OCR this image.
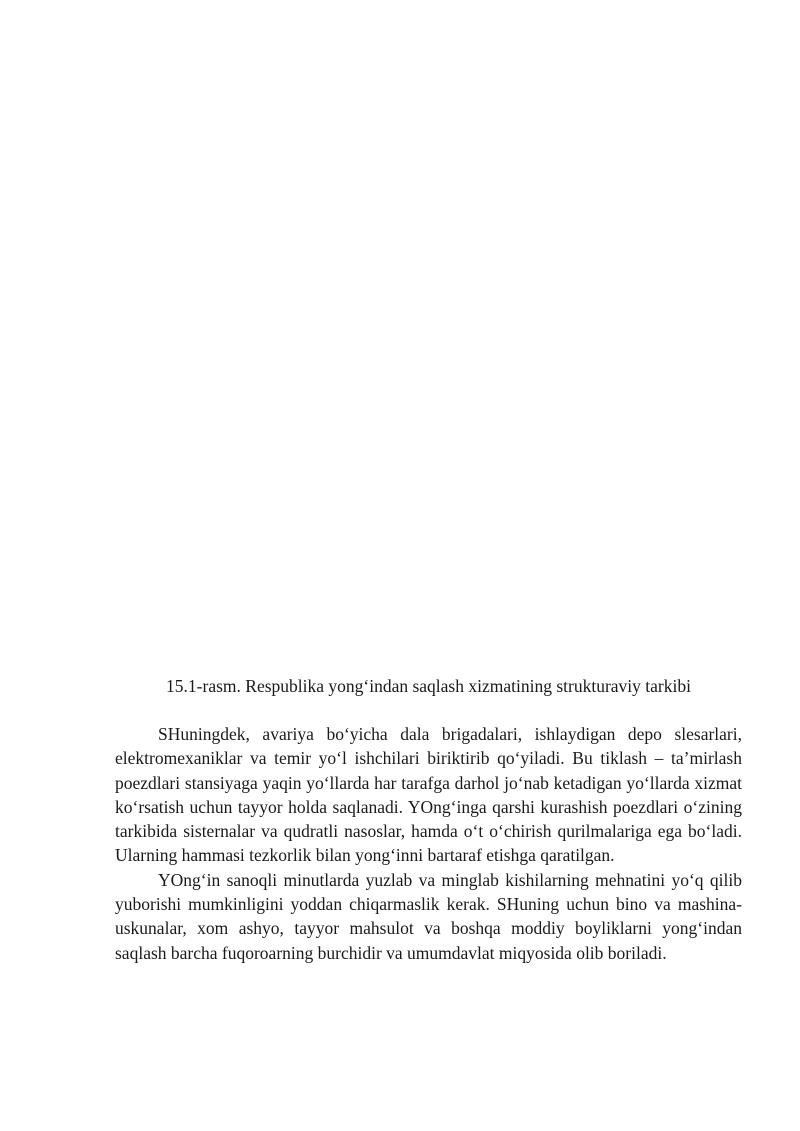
15.1-rasm. Respublika yong‘indan saqlash xizmatining strukturaviy tarkibi

SHuningdek, avariya bo‘yicha dala brigadalari, ishlaydigan depo slesarlari, elektromexaniklar va temir yo‘l ishchilari biriktirib qo‘yiladi. Bu tiklash – ta’mirlash poezdlari stansiyaga yaqin yo‘llarda har tarafga darhol jo‘nab ketadigan yo‘llarda xizmat ko‘rsatish uchun tayyor holda saqlanadi. YOng‘inga qarshi kurashish poezdlari o‘zining tarkibida sisternalar va qudratli nasoslar, hamda o‘t o‘chirish qurilmalariga ega bo‘ladi. Ularning hammasi tezkorlik bilan yong‘inni bartaraf etishga qaratilgan.

YOng‘in sanoqli minutlarda yuzlab va minglab kishilarning mehnatini yo‘q qilib yuborishi mumkinligini yoddan chiqarmaslik kerak. SHuning uchun bino va mashina-uskunalar, xom ashyo, tayyor mahsulot va boshqa moddiy boyliklarni yong‘indan saqlash barcha fuqoroarning burchidir va umumdavlat miqyosida olib boriladi.
